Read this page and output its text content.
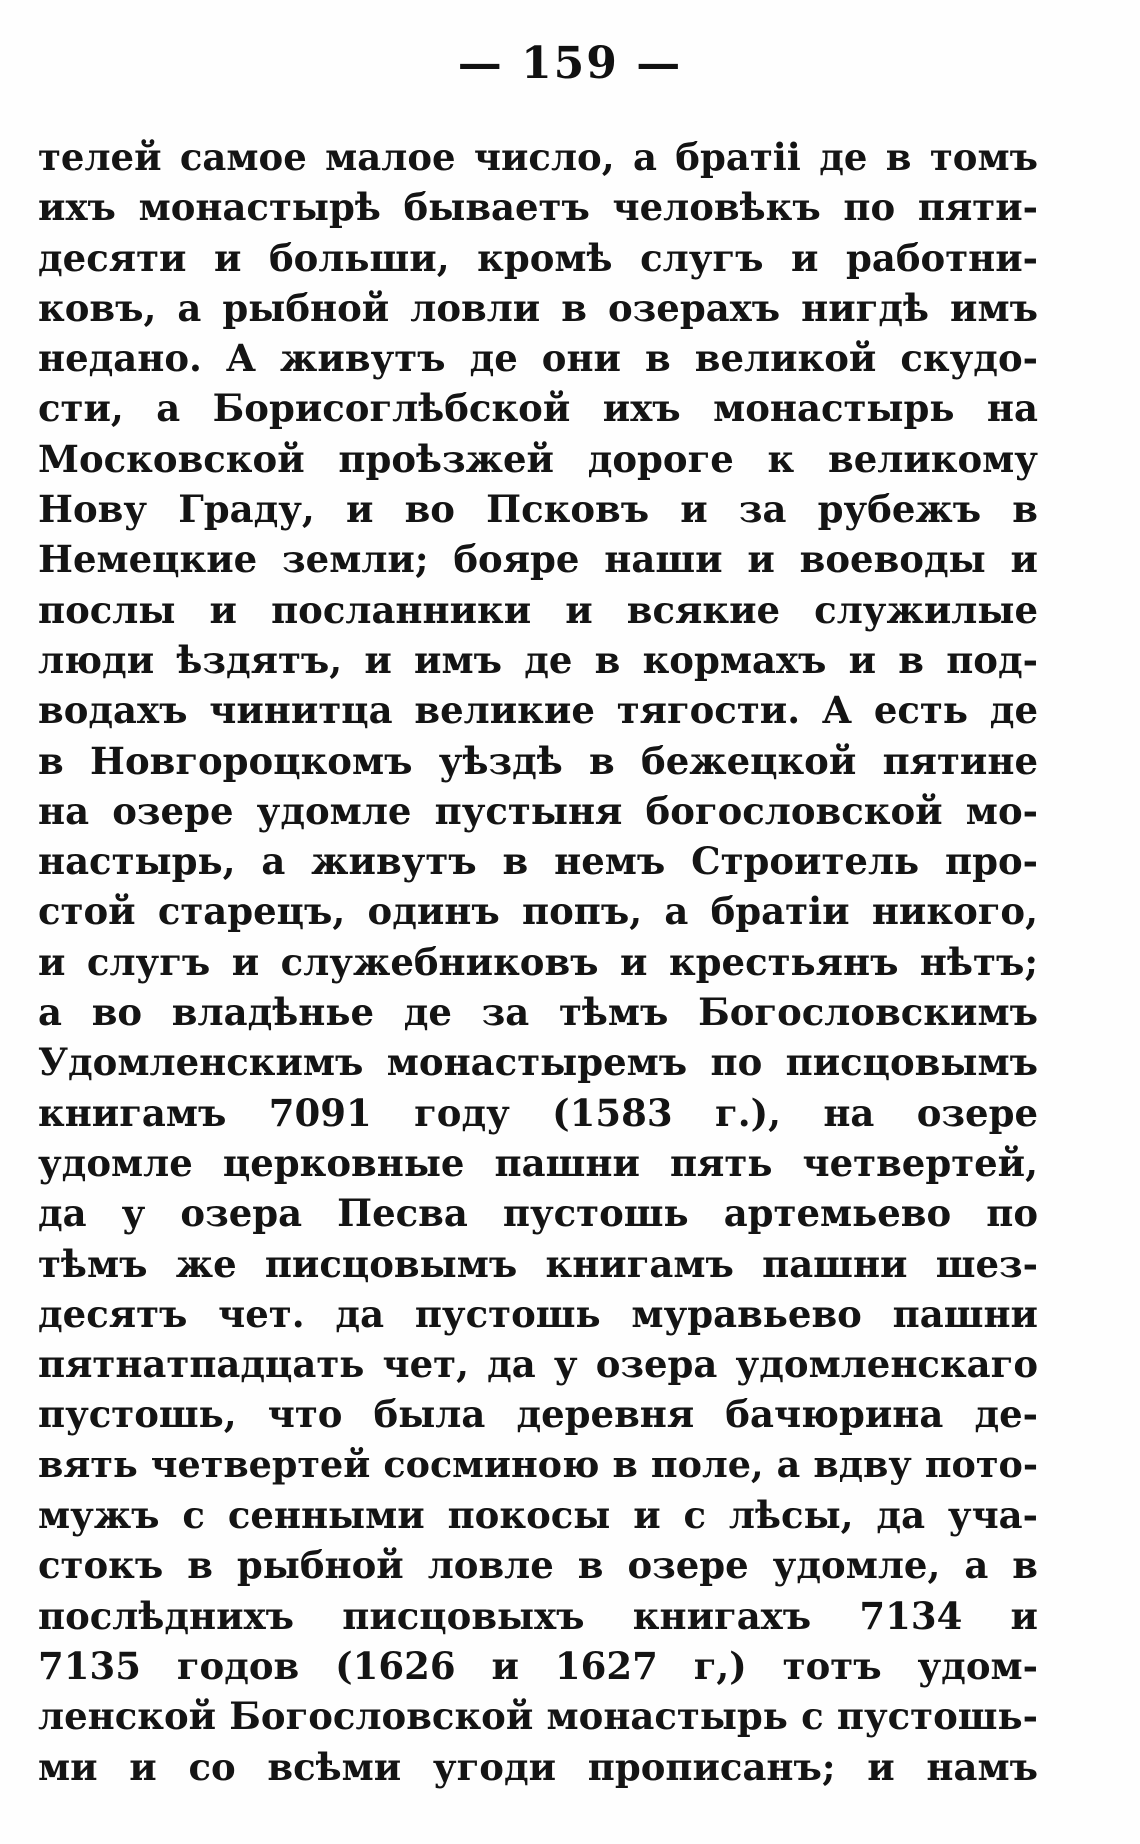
— 159 —
телей самое малое число, а братіі де в томъ
ихъ монастырѣ бываетъ человѣкъ по пяти-
десяти и больши, кромѣ слугъ и работни-
ковъ, а рыбной ловли в озерахъ нигдѣ имъ
недано. А живутъ де они в великой скудо-
сти, а Борисоглѣбской ихъ монастырь на
Московской проѣзжей дороге к великому
Нову Граду, и во Псковъ и за рубежъ в
Немецкие земли; бояре наши и воеводы и
послы и посланники и всякие служилые
люди ѣздятъ, и имъ де в кормахъ и в под-
водахъ чинитца великие тягости. А есть де
в Новгороцкомъ уѣздѣ в бежецкой пятине
на озере удомле пустыня богословской мо-
настырь, а живутъ в немъ Строитель про-
стой старецъ, одинъ попъ, а братіи никого,
и слугъ и служебниковъ и крестьянъ нѣтъ;
а во владѣнье де за тѣмъ Богословскимъ
Удомленскимъ монастыремъ по писцовымъ
книгамъ 7091 году (1583 г.), на озере
удомле церковные пашни пять четвертей,
да у озера Песва пустошь артемьево по
тѣмъ же писцовымъ книгамъ пашни шез-
десятъ чет. да пустошь муравьево пашни
пятнатпадцать чет, да у озера удомленскаго
пустошь, что была деревня бачюрина де-
вять четвертей сосминою в поле, а вдву пото-
мужъ с сенными покосы и с лѣсы, да уча-
стокъ в рыбной ловле в озере удомле, а в
послѣднихъ писцовыхъ книгахъ 7134 и
7135 годов (1626 и 1627 г,) тотъ удом-
ленской Богословской монастырь с пустошь-
ми и со всѣми угоди прописанъ; и намъ
